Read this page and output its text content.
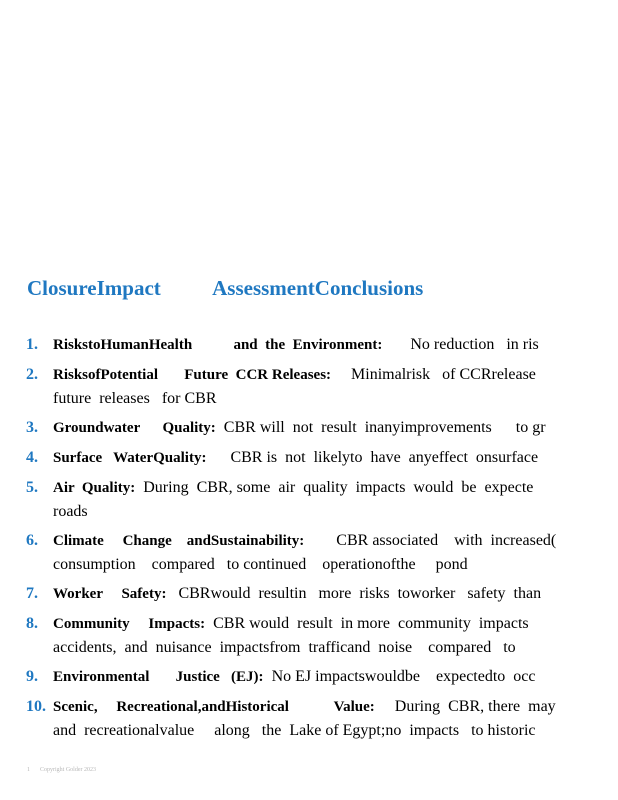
ClosureImpact          AssessmentConclusions
1.	RiskstoHumanHealth           and  the  Environment:       No reduction   in ris
2.	RisksofPotential       Future  CCR Releases:     Minimalrisk   of CCRrelease
future  releases   for CBR
3.	Groundwater      Quality:  CBR will  not  result  inanyimprovements      to gr
4.	Surface   WaterQuality:      CBR is  not  likelyto  have  anyeffect  onsurface
5.	Air  Quality:  During  CBR, some  air  quality  impacts  would  be  expecte
roads
6.	Climate     Change    andSustainability:        CBR associated    with  increased(
consumption    compared   to continued    operationofthe     pond
7.	Worker     Safety:   CBRwould  resultin   more  risks  toworker   safety  than
8.	Community     Impacts:  CBR would  result  in more  community  impacts
accidents,  and  nuisance  impactsfrom  trafficand  noise    compared   to
9.	Environmental       Justice   (EJ):  No EJ impactswouldbe    expectedto  occ
10. Scenic,     Recreational,andHistorical            Value:     During  CBR, there  may
and  recreationalvalue     along   the  Lake of Egypt;no  impacts   to historic
1 Copyright Golder 2023
